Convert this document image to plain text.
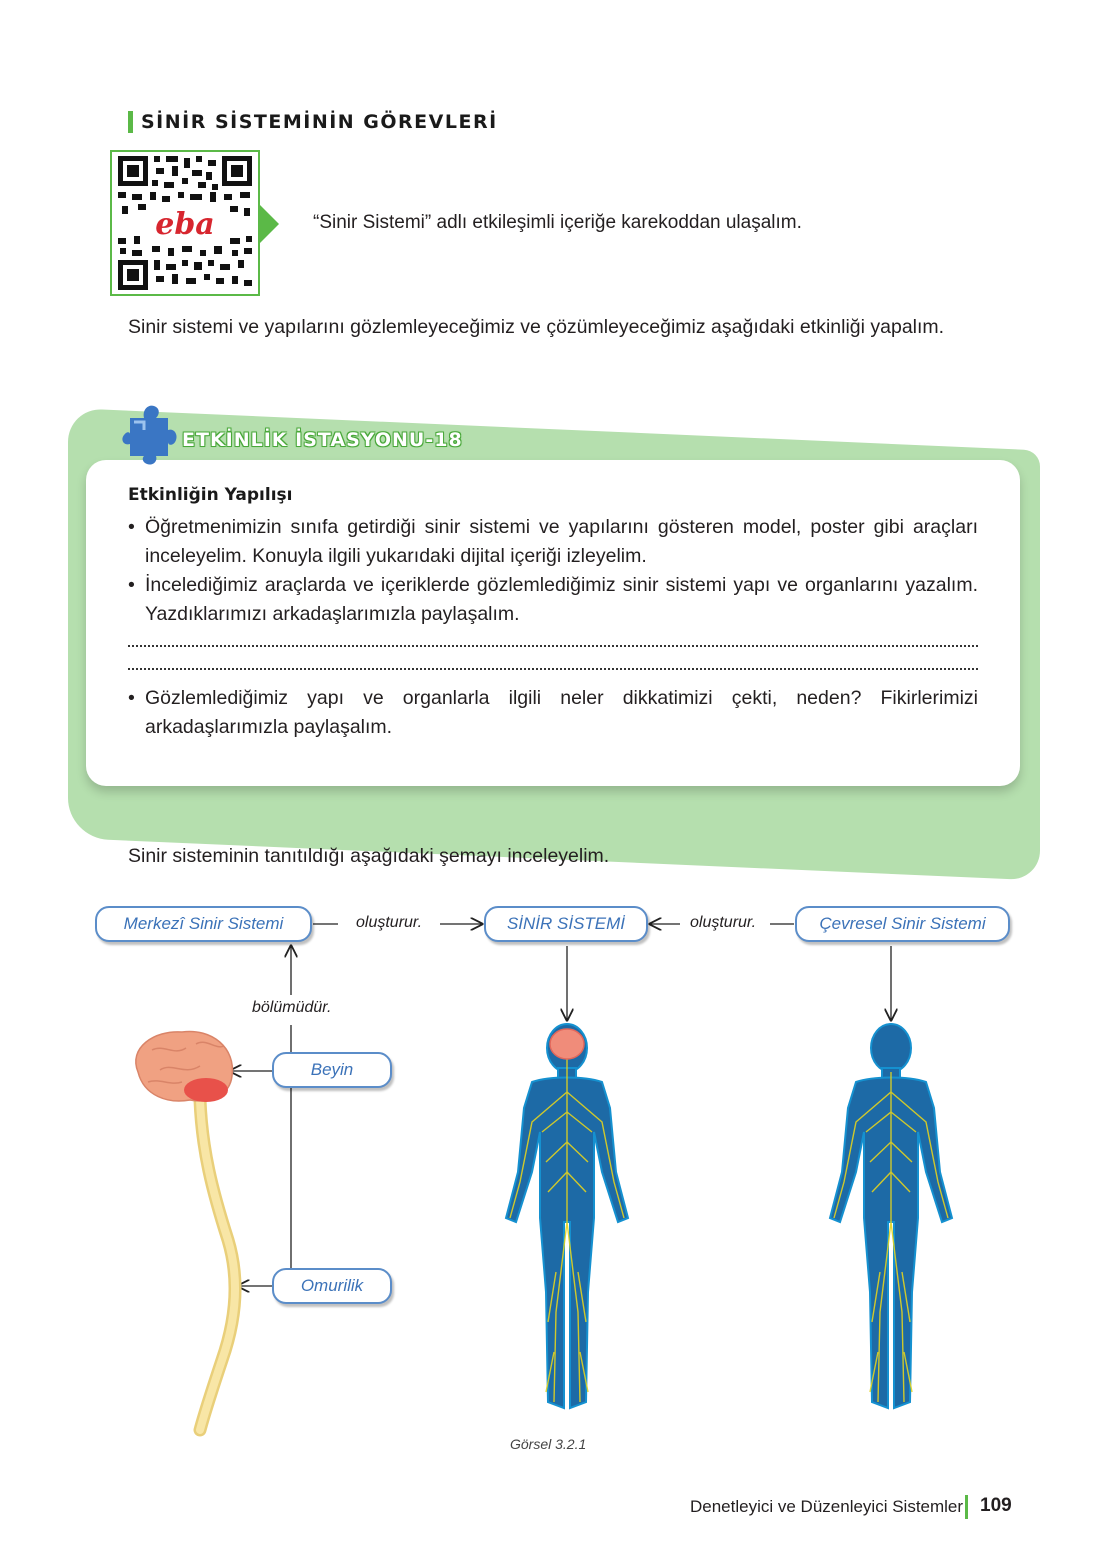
SİNİR SİSTEMİNİN GÖREVLERİ
eba	“Sinir Sistemi” adlı etkileşimli içeriğe karekoddan ulaşalım.
Sinir sistemi ve yapılarını gözlemleyeceğimiz ve çözümleyeceğimiz aşağıdaki etkinliği yapalım.
ETKİNLİK İSTASYONU-18
Etkinliğin Yapılışı
• Öğretmenimizin sınıfa getirdiği sinir sistemi ve yapılarını gösteren model, poster gibi araçları inceleyelim. Konuyla ilgili yukarıdaki dijital içeriği izleyelim.
• İncelediğimiz araçlarda ve içeriklerde gözlemlediğimiz sinir sistemi yapı ve organlarını yazalım. Yazdıklarımızı arkadaşlarımızla paylaşalım.
• Gözlemlediğimiz yapı ve organlarla ilgili neler dikkatimizi çekti, neden? Fikirlerimizi arkadaşlarımızla paylaşalım.
Sinir sisteminin tanıtıldığı aşağıdaki şemayı inceleyelim.
Merkezî Sinir Sistemi	oluşturur.	SİNİR SİSTEMİ	oluşturur.	Çevresel Sinir Sistemi
bölümüdür.
Beyin
Omurilik
Görsel 3.2.1
Denetleyici ve Düzenleyici Sistemler 109
